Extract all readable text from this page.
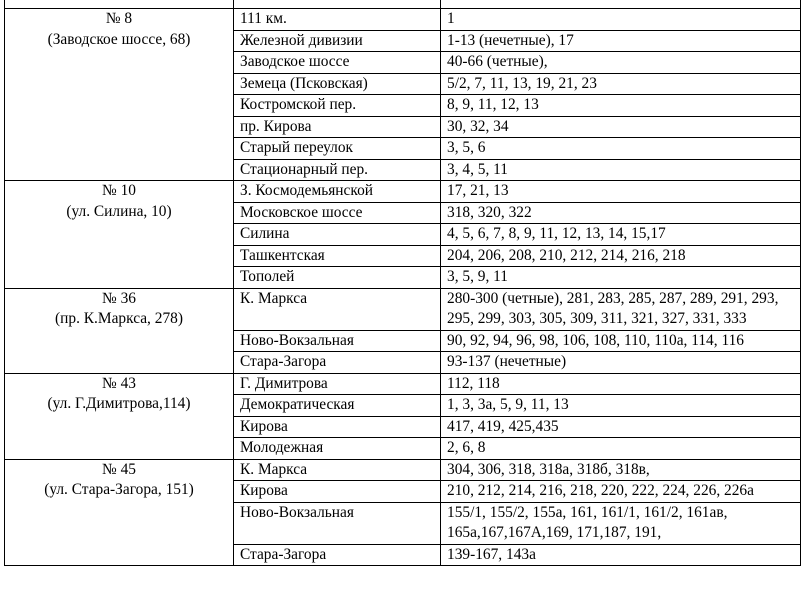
№ 8
(Заводское шоссе, 68)	111 км.	1
	Железной дивизии	1-13 (нечетные), 17
	Заводское шоссе	40-66 (четные),
	Земеца (Псковская)	5/2, 7, 11, 13, 19, 21, 23
	Костромской пер.	8, 9, 11, 12, 13
	пр. Кирова	30, 32, 34
	Старый переулок	3, 5, 6
	Стационарный пер.	3, 4, 5, 11

№ 10
(ул. Силина, 10)	З. Космодемьянской	17, 21, 13
	Московское шоссе	318, 320, 322
	Силина	4, 5, 6, 7, 8, 9, 11, 12, 13, 14, 15,17
	Ташкентская	204, 206, 208, 210, 212, 214, 216, 218
	Тополей	3, 5, 9, 11

№ 36
(пр. К.Маркса, 278)	К. Маркса	280-300 (четные), 281, 283, 285, 287, 289, 291, 293, 295, 299, 303, 305, 309, 311, 321, 327, 331, 333
	Ново-Вокзальная	90, 92, 94, 96, 98, 106, 108, 110, 110а, 114, 116
	Стара-Загора	93-137 (нечетные)

№ 43
(ул. Г.Димитрова,114)	Г. Димитрова	112, 118
	Демократическая	1, 3, 3а, 5, 9, 11, 13
	Кирова	417, 419, 425,435
	Молодежная	2, 6, 8

№ 45
(ул. Стара-Загора, 151)	К. Маркса	304, 306, 318, 318а, 318б, 318в,
	Кирова	210, 212, 214, 216, 218, 220, 222, 224, 226, 226а
	Ново-Вокзальная	155/1, 155/2, 155а, 161, 161/1, 161/2, 161ав, 165а,167,167А,169, 171,187, 191,
	Стара-Загора	139-167, 143а
